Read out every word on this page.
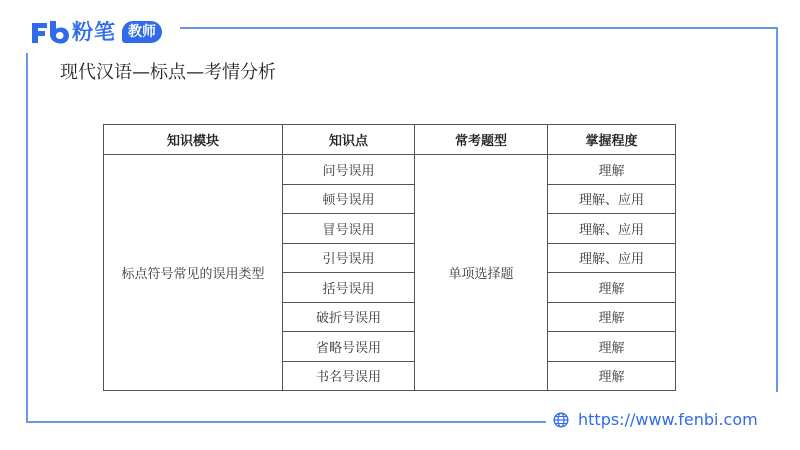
粉笔 教师
现代汉语—标点—考情分析
知识模块	知识点	常考题型	掌握程度
标点符号常见的误用类型	问号误用	单项选择题	理解
	顿号误用		理解、应用
	冒号误用		理解、应用
	引号误用		理解、应用
	括号误用		理解
	破折号误用		理解
	省略号误用		理解
	书名号误用		理解
https://www.fenbi.com
